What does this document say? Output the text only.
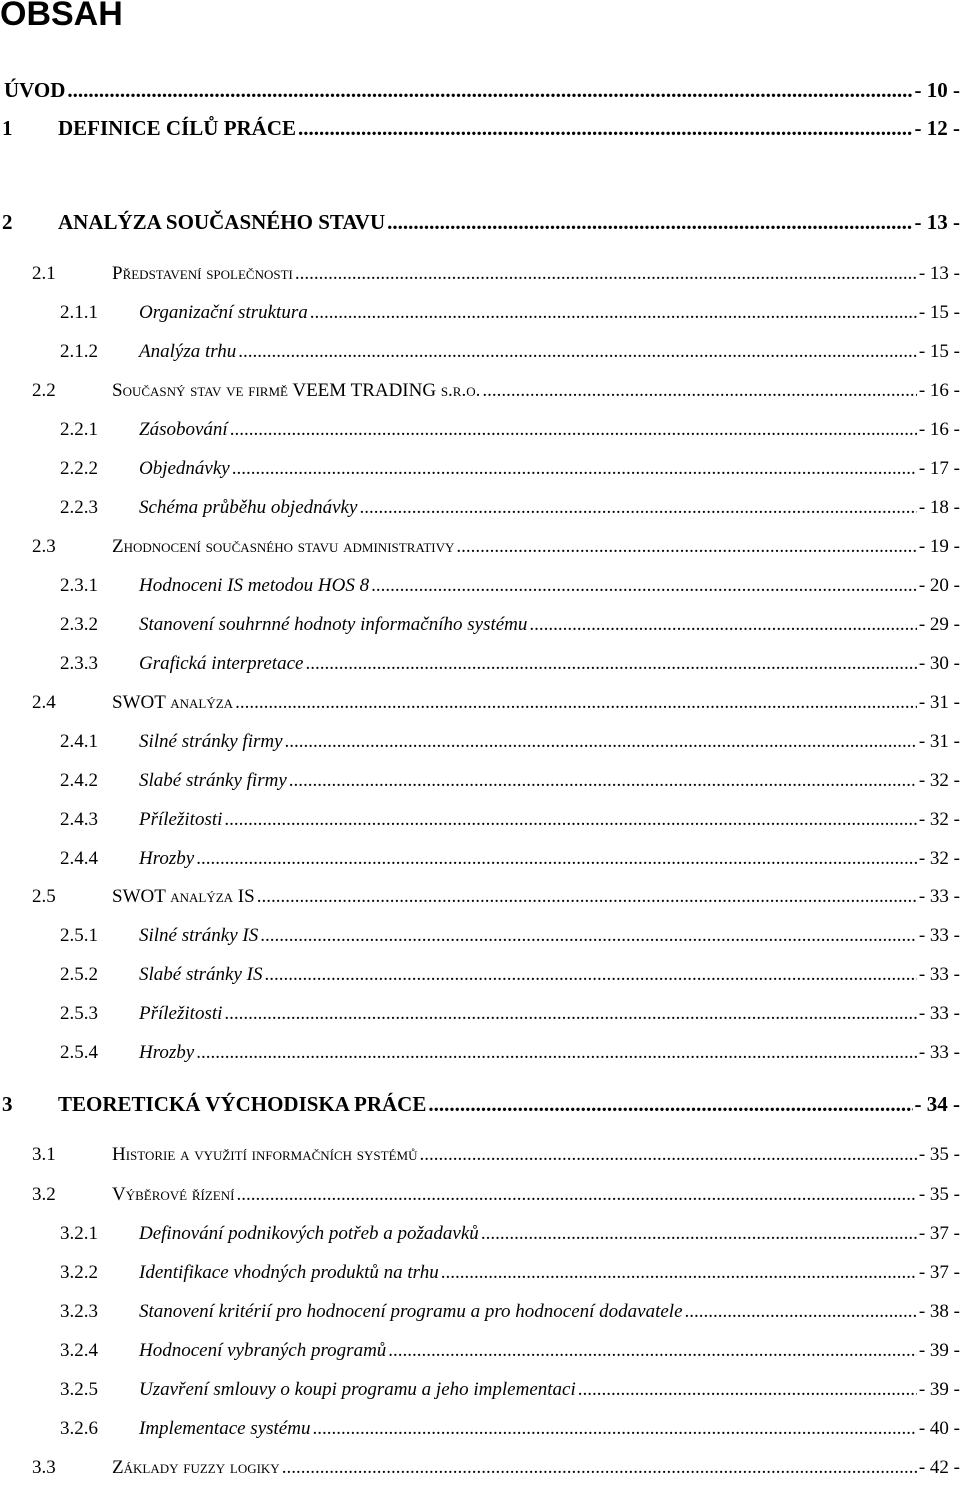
OBSAH
ÚVOD .....	- 10 -
1 DEFINICE CÍLŮ PRÁCE .....	- 12 -
2 ANALÝZA SOUČASNÉHO STAVU .....	- 13 -
2.1	Představení společnosti .....	- 13 -
2.1.1 Organizační struktura .....	- 15 -
2.1.2 Analýza trhu .....	- 15 -
2.2	Současný stav ve firmě VEEM TRADING s.r.o. .....	- 16 -
2.2.1 Zásobování .....	- 16 -
2.2.2 Objednávky .....	- 17 -
2.2.3 Schéma průběhu objednávky .....	- 18 -
2.3	Zhodnocení současného stavu administrativy .....	- 19 -
2.3.1 Hodnoceni IS metodou HOS 8 .....	- 20 -
2.3.2 Stanovení souhrnné hodnoty informačního systému .....	- 29 -
2.3.3 Grafická interpretace .....	- 30 -
2.4	SWOT analýza .....	- 31 -
2.4.1 Silné stránky firmy .....	- 31 -
2.4.2 Slabé stránky firmy .....	- 32 -
2.4.3 Příležitosti .....	- 32 -
2.4.4 Hrozby .....	- 32 -
2.5	SWOT analýza IS .....	- 33 -
2.5.1 Silné stránky IS .....	- 33 -
2.5.2 Slabé stránky IS .....	- 33 -
2.5.3 Příležitosti .....	- 33 -
2.5.4 Hrozby .....	- 33 -
3 TEORETICKÁ VÝCHODISKA PRÁCE .....	- 34 -
3.1	Historie a využití informačních systémů .....	- 35 -
3.2	Výběrové řízení .....	- 35 -
3.2.1 Definování podnikových potřeb a požadavků .....	- 37 -
3.2.2 Identifikace vhodných produktů na trhu .....	- 37 -
3.2.3 Stanovení kritérií pro hodnocení programu a pro hodnocení dodavatele .....	- 38 -
3.2.4 Hodnocení vybraných programů .....	- 39 -
3.2.5 Uzavření smlouvy o koupi programu a jeho implementaci .....	- 39 -
3.2.6 Implementace systému .....	- 40 -
3.3	Základy fuzzy logiky .....	- 42 -
